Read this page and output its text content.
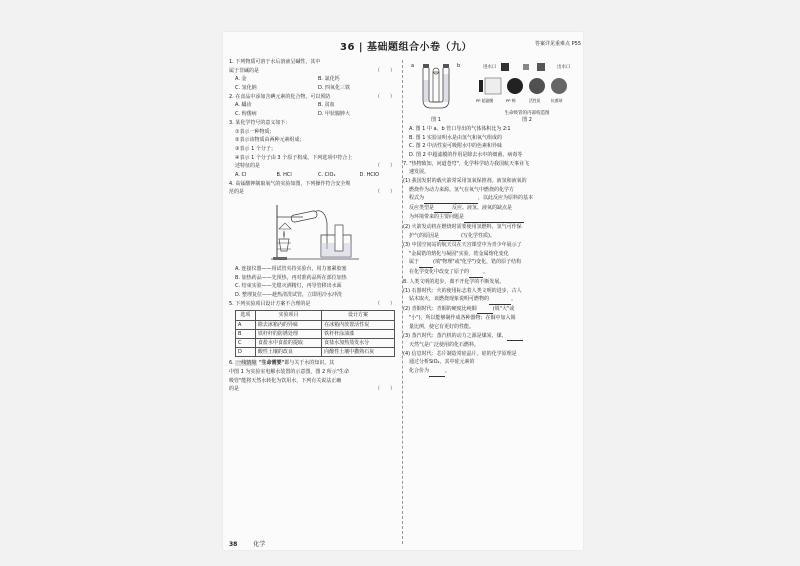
36 | 基础题组合小卷（九）	答案详见重难点 P55

1. 下列物质可溶于水后溶液呈碱性，其中

属于非碱的是	（　　）

A. 金	B. 氯化钙
C. 氢化钠	D. 四氧化三铁

2. 在食品中添加含碘元素的化合物，可以预防	（　　）

A. 龋齿	B. 贫血
C. 佝偻病	D. 甲状腺肿大

3. 某化学符号的意义如下：

①表示一种物质；

②表示该物质由两种元素组成；

③表示 1 个分子；

④表示 1 个分子由 3 个原子构成。下列选项中符合上

述特征的是	（　　）

A. Cl	B. HCl	C. ClO₂	D. HClO

4. 高锰酸钾制取氧气的实验如图，下列操作符合安全规

范的是	（　　）

A. 连接仪器——用试管夹持实验台，用力塞紧胶塞

B. 加热药品——先预热，再对准药品所在部位加热

C. 结束实验——先熄灭酒精灯，再导管移出水面

D. 整理复位——趁热清洗试管，立即用冷水冲洗

5. 下列实验项目设计方案不合理的是	（　　）

选项	实验项目	设计方案
A	除去冰箱内的异味	在冰箱内放置活性炭
B	铁杆杆的防锈处理	铁杆杆涂油漆
C	食盐水中食盐的提取	食盐水加热蒸发水分
D	酸性土壤的改良	向酸性土壤中撒熟石灰

6. 一线情境 "生命需要"都与关于水的知识，其

中图 1 为实验室电解水装置的示意图，图 2 所示"生命

吸管"能将天然水转化为饮用水，下列有关说法正确

的是	（　　）

a	b
图 1
进水口	出水口
PP 超滤膜	PP 棉	活性炭	抗菌球
生命吸管的内部构造图
图 2

A. 图 1 中 a、b 管口导出的气体体积比为 2∶1

B. 图 1 实验证明水是由氢气和氧气组成的

C. 图 2 中活性炭可吸附水中的色素和异味

D. 图 2 中超滤膜的作用是除去水中的细菌、病毒等

7. "热物致知，问道苍穹"，化学科学助力我国航天事业飞

速发展。

(1) 我国发射的载火箭常采用氢氧保推剂。液氢和液氧的

燃烧作为动力来源。氢气在氧气中燃烧的化学方

程式为	，以此反应为原料的基本

反应类型是	反应。液氢、液氧的缺点是

为环境带来的主要问题是

(2) 火箭发动机在燃烧时需要使用氢燃料，氢气可作保

护气的原因是	(写化学性质)。

(3) 中国空间站的航天员在天宫课堂中为青少年展示了

"金属锆的熔化与凝固"实验，锆金属熔化变化

属于	(填"物理"或"化学")变化，锆的原子结构

在化学变化中改变了原子的	。

8. 人类文明的进步，离不开化学的不断发展。

(1) 石器时代：火的使用标志着人类文明的进步，古人

钻木取火，该燃烧现象说明可燃物的	。

(2) 青铜时代：青铜的硬度比纯铜	(填"大"或

"小")，所以能够制作成各种器物；在铜中加入锡

量比例，使它有更好的性能。

(3) 蒸汽时代：蒸汽机的动力之源是煤炭、煤、

天然气是广泛使用的化石燃料。

(4) 信息时代：芯片制造常硅晶片。硅的化学原理是

通过分析SiO₂，其中硅元素的

化合价为	。

38	化学
